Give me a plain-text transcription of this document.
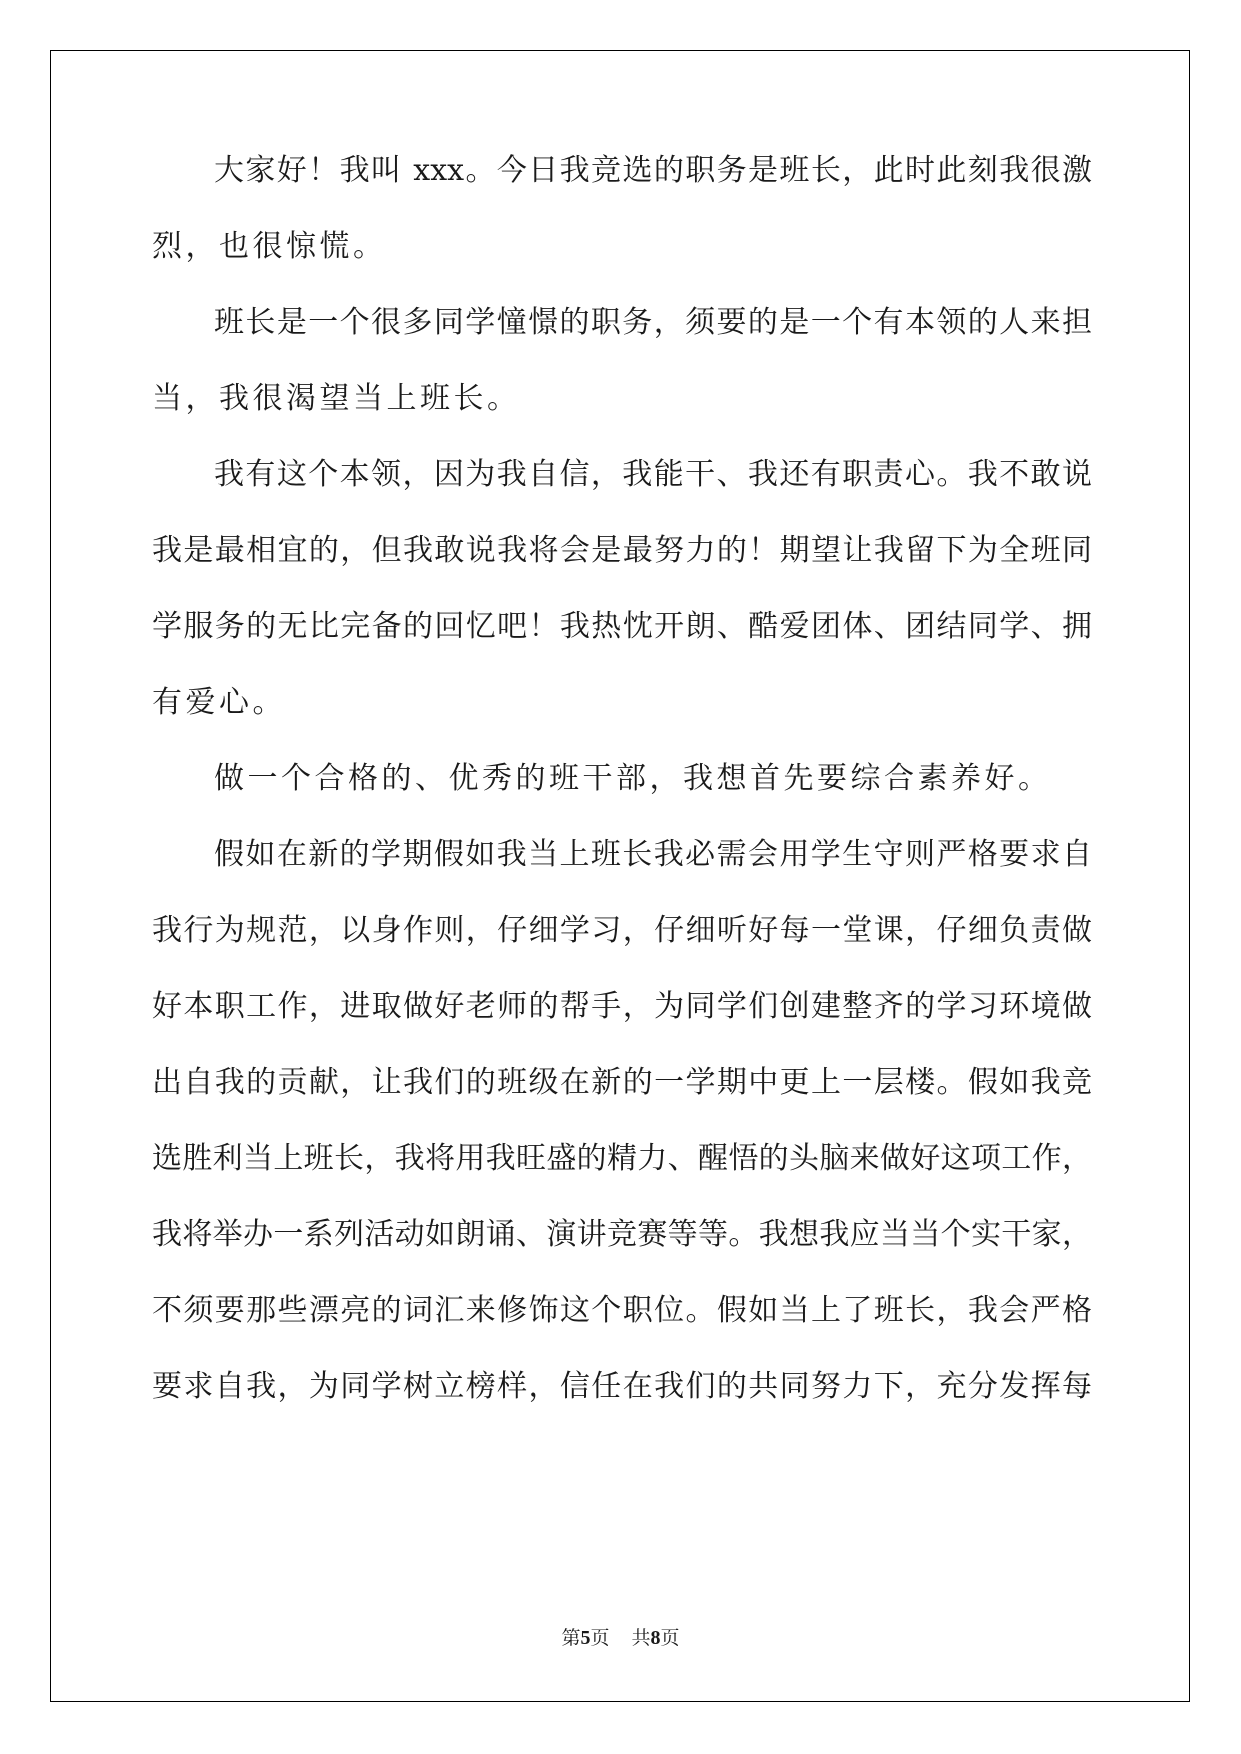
大家好！我叫 xxx。今日我竞选的职务是班长，此时此刻我很激
烈，也很惊慌。
班长是一个很多同学憧憬的职务，须要的是一个有本领的人来担
当，我很渴望当上班长。
我有这个本领，因为我自信，我能干、我还有职责心。我不敢说
我是最相宜的，但我敢说我将会是最努力的！期望让我留下为全班同
学服务的无比完备的回忆吧！我热忱开朗、酷爱团体、团结同学、拥
有爱心。
做一个合格的、优秀的班干部，我想首先要综合素养好。
假如在新的学期假如我当上班长我必需会用学生守则严格要求自
我行为规范，以身作则，仔细学习，仔细听好每一堂课，仔细负责做
好本职工作，进取做好老师的帮手，为同学们创建整齐的学习环境做
出自我的贡献，让我们的班级在新的一学期中更上一层楼。假如我竞
选胜利当上班长，我将用我旺盛的精力、醒悟的头脑来做好这项工作，
我将举办一系列活动如朗诵、演讲竞赛等等。我想我应当当个实干家，
不须要那些漂亮的词汇来修饰这个职位。假如当上了班长，我会严格
要求自我，为同学树立榜样，信任在我们的共同努力下，充分发挥每
第5页 共8页
